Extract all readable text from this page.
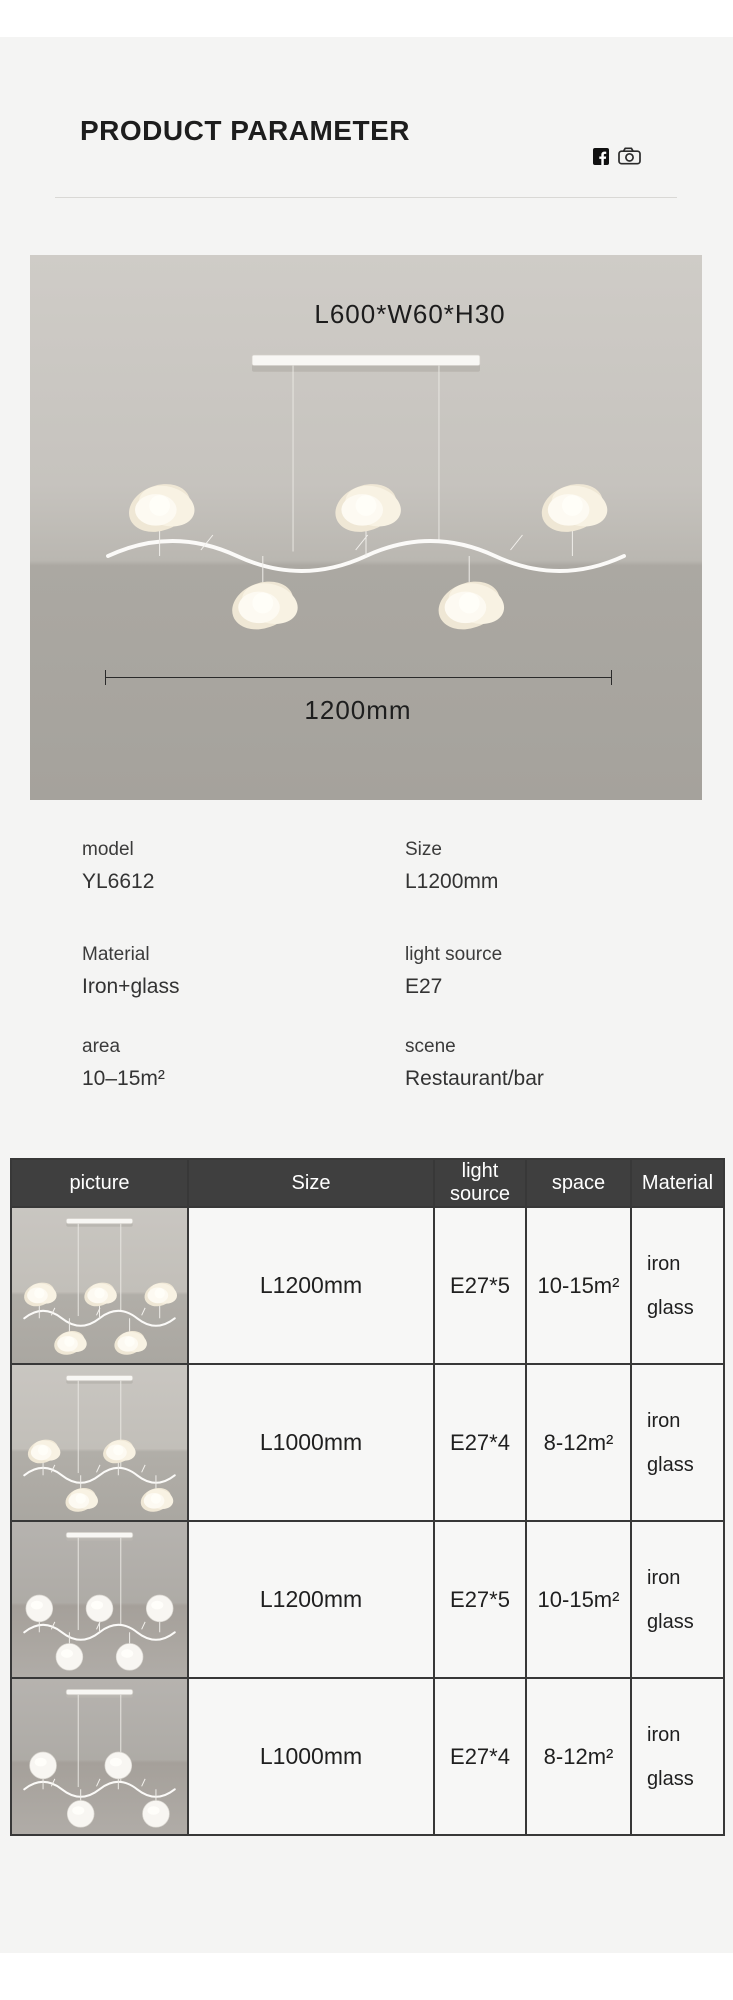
PRODUCT PARAMETER
L600*W60*H30
1200mm
model
YL6612
Size
L1200mm
Material
Iron+glass
light source
E27
area
10–15m²
scene
Restaurant/bar
picture	Size	light source	space	Material

	L1200mm	E27*5	10-15m²	iron glass

	L1000mm	E27*4	8-12m²	iron glass

	L1200mm	E27*5	10-15m²	iron glass

	L1000mm	E27*4	8-12m²	iron glass
